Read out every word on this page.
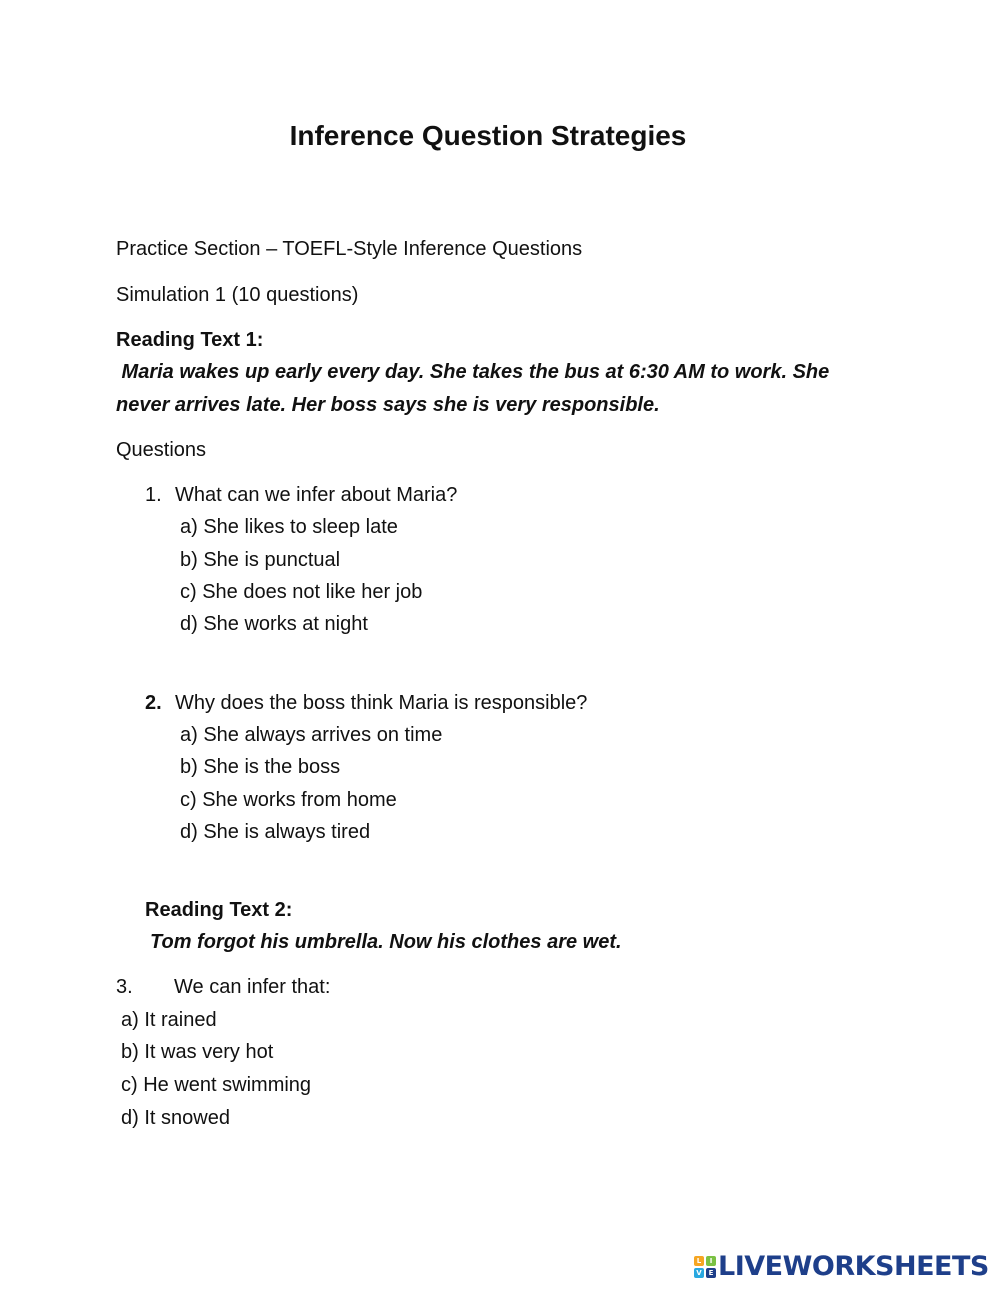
Inference Question Strategies
Practice Section – TOEFL-Style Inference Questions
Simulation 1 (10 questions)
Reading Text 1:
Maria wakes up early every day. She takes the bus at 6:30 AM to work. She
never arrives late. Her boss says she is very responsible.
Questions
1. What can we infer about Maria?
a) She likes to sleep late
b) She is punctual
c) She does not like her job
d) She works at night
2. Why does the boss think Maria is responsible?
a) She always arrives on time
b) She is the boss
c) She works from home
d) She is always tired
Reading Text 2:
Tom forgot his umbrella. Now his clothes are wet.
3. We can infer that:
a) It rained
b) It was very hot
c) He went swimming
d) It snowed
L	I
V E LIVEWORKSHEETS
